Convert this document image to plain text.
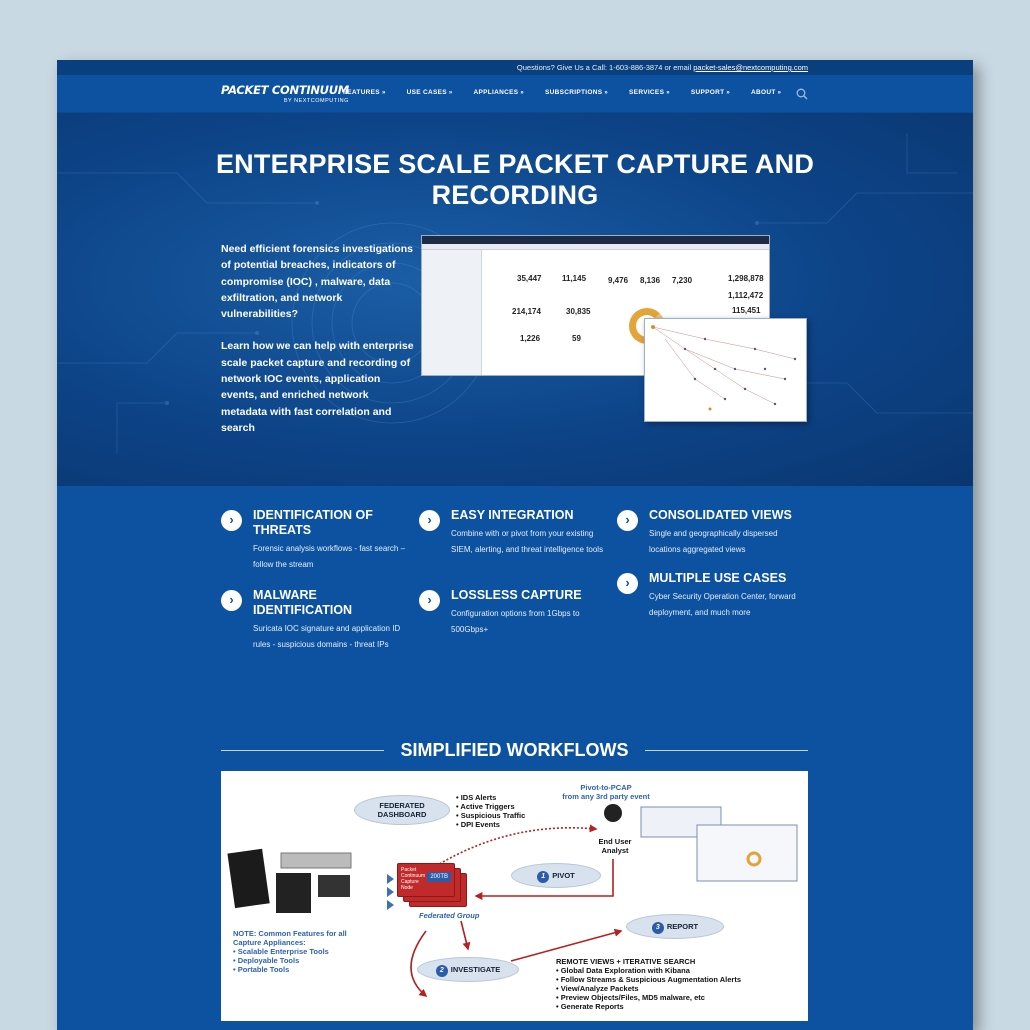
Questions? Give Us a Call: 1-603-886-3874 or email packet-sales@nextcomputing.com
PACKET CONTINUUM
BY NEXTCOMPUTING
FEATURES »	USE CASES »	APPLIANCES »	SUBSCRIPTIONS »	SERVICES »	SUPPORT »	ABOUT »
ENTERPRISE SCALE PACKET CAPTURE AND
RECORDING

Need efficient forensics investigations of potential breaches, indicators of compromise (IOC) , malware, data exfiltration, and network vulnerabilities?

Learn how we can help with enterprise scale packet capture and recording of network IOC events, application events, and enriched network metadata with fast correlation and search

35,447	11,145	9,476 8,136 7,230	1,298,878
214,174	30,835
1,112,472
1,226	59
115,451
›	IDENTIFICATION OF THREATS
Forensic analysis workflows - fast search – follow the stream
›	EASY INTEGRATION
Combine with or pivot from your existing SIEM, alerting, and threat intelligence tools
›	CONSOLIDATED VIEWS
Single and geographically dispersed locations aggregated views
›	MALWARE IDENTIFICATION
Suricata IOC signature and application ID rules - suspicious domains - threat IPs
›	LOSSLESS CAPTURE
Configuration options from 1Gbps to 500Gbps+
›	MULTIPLE USE CASES
Cyber Security Operation Center, forward deployment, and much more
SIMPLIFIED WORKFLOWS
FEDERATED DASHBOARD
• IDS Alerts
• Active Triggers
• Suspicious Traffic
• DPI Events
Pivot-to-PCAP
from any 3rd party event
End User Analyst
Packet Continuum Capture Node
200TB
Federated Group
1 PIVOT
3 REPORT
2 INVESTIGATE
NOTE: Common Features for all Capture Appliances:
• Scalable Enterprise Tools
• Deployable Tools
• Portable Tools
REMOTE VIEWS + ITERATIVE SEARCH
• Global Data Exploration with Kibana
• Follow Streams & Suspicious Augmentation Alerts
• View/Analyze Packets
• Preview Objects/Files, MD5 malware, etc
• Generate Reports
